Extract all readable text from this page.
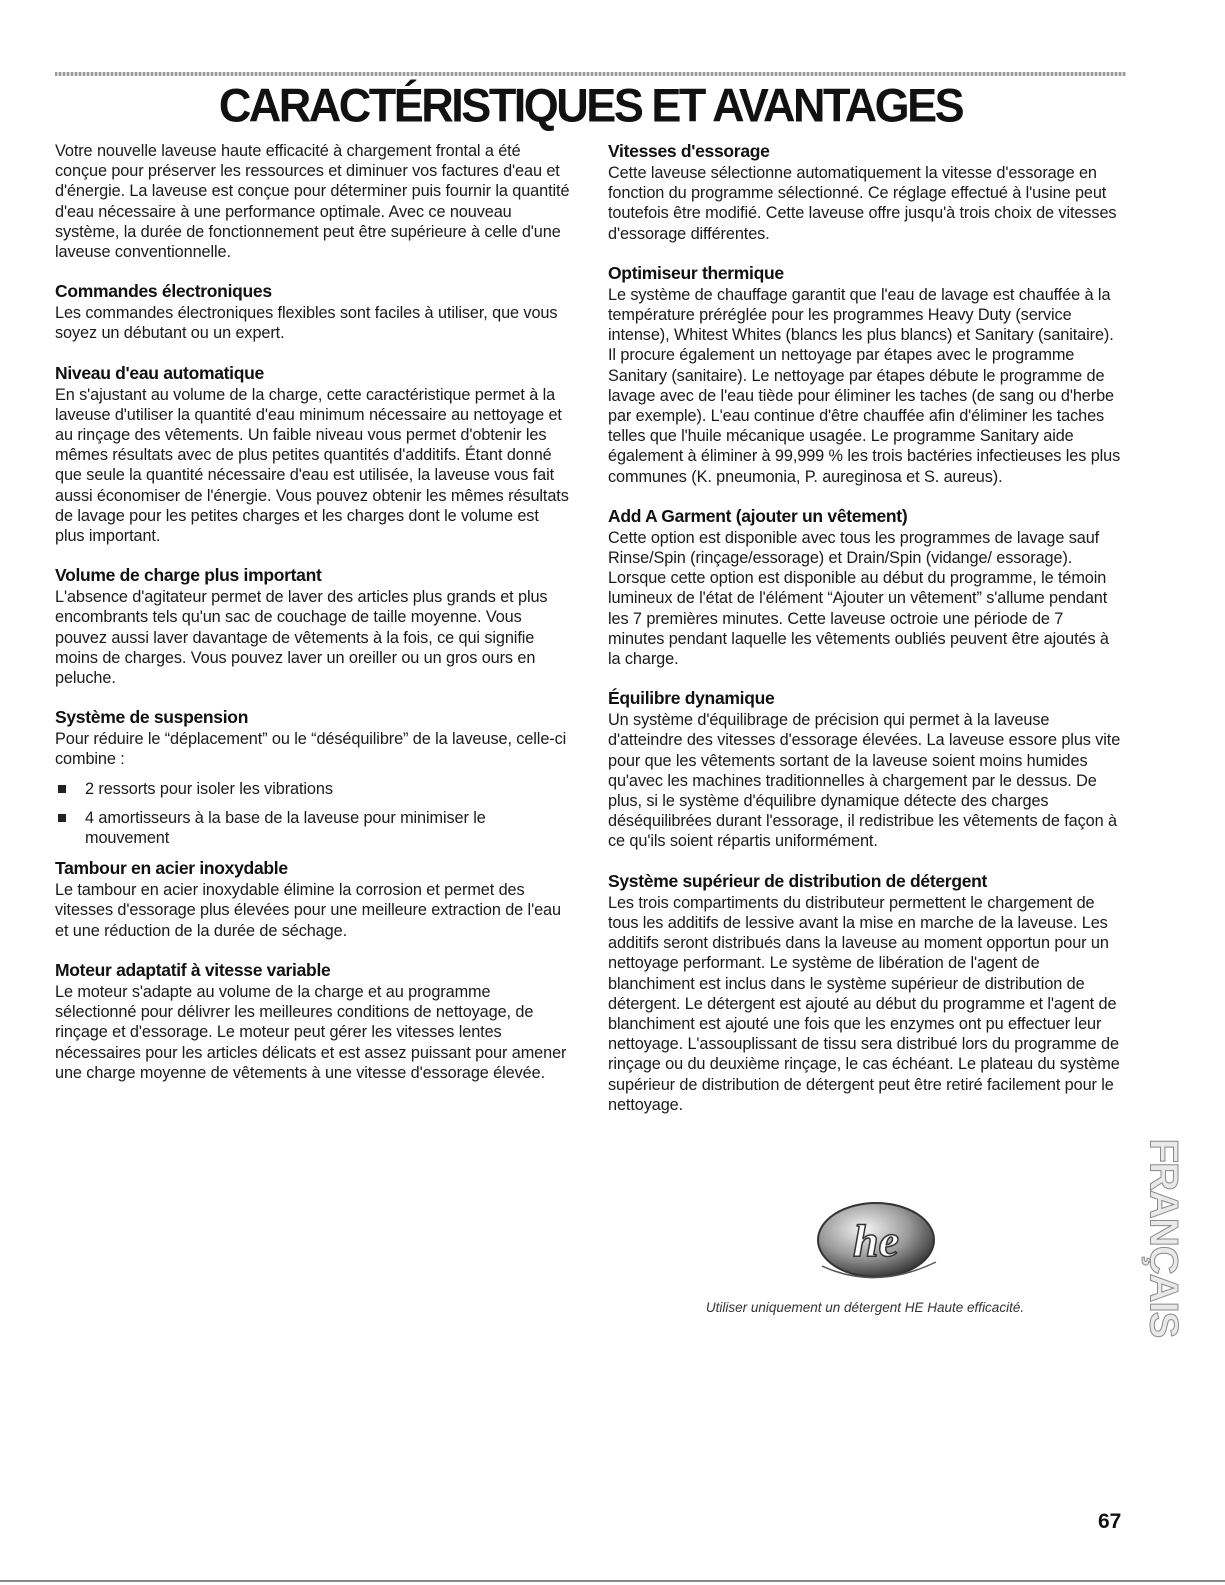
CARACTÉRISTIQUES ET AVANTAGES

Votre nouvelle laveuse haute efficacité à chargement frontal a été conçue pour préserver les ressources et diminuer vos factures d'eau et d'énergie. La laveuse est conçue pour déterminer puis fournir la quantité d'eau nécessaire à une performance optimale. Avec ce nouveau système, la durée de fonctionnement peut être supérieure à celle d'une laveuse conventionnelle.

Commandes électroniques

Les commandes électroniques flexibles sont faciles à utiliser, que vous soyez un débutant ou un expert.

Niveau d'eau automatique

En s'ajustant au volume de la charge, cette caractéristique permet à la laveuse d'utiliser la quantité d'eau minimum nécessaire au nettoyage et au rinçage des vêtements. Un faible niveau vous permet d'obtenir les mêmes résultats avec de plus petites quantités d'additifs. Étant donné que seule la quantité nécessaire d'eau est utilisée, la laveuse vous fait aussi économiser de l'énergie. Vous pouvez obtenir les mêmes résultats de lavage pour les petites charges et les charges dont le volume est plus important.

Volume de charge plus important

L'absence d'agitateur permet de laver des articles plus grands et plus encombrants tels qu'un sac de couchage de taille moyenne. Vous pouvez aussi laver davantage de vêtements à la fois, ce qui signifie moins de charges. Vous pouvez laver un oreiller ou un gros ours en peluche.

Système de suspension

Pour réduire le “déplacement” ou le “déséquilibre” de la laveuse, celle-ci combine :

2 ressorts pour isoler les vibrations
4 amortisseurs à la base de la laveuse pour minimiser le mouvement
Tambour en acier inoxydable

Le tambour en acier inoxydable élimine la corrosion et permet des vitesses d'essorage plus élevées pour une meilleure extraction de l'eau et une réduction de la durée de séchage.

Moteur adaptatif à vitesse variable

Le moteur s'adapte au volume de la charge et au programme sélectionné pour délivrer les meilleures conditions de nettoyage, de rinçage et d'essorage. Le moteur peut gérer les vitesses lentes nécessaires pour les articles délicats et est assez puissant pour amener une charge moyenne de vêtements à une vitesse d'essorage élevée.

Vitesses d'essorage

Cette laveuse sélectionne automatiquement la vitesse d'essorage en fonction du programme sélectionné. Ce réglage effectué à l'usine peut toutefois être modifié. Cette laveuse offre jusqu'à trois choix de vitesses d'essorage différentes.

Optimiseur thermique

Le système de chauffage garantit que l'eau de lavage est chauffée à la température préréglée pour les programmes Heavy Duty (service intense), Whitest Whites (blancs les plus blancs) et Sanitary (sanitaire). Il procure également un nettoyage par étapes avec le programme Sanitary (sanitaire). Le nettoyage par étapes débute le programme de lavage avec de l'eau tiède pour éliminer les taches (de sang ou d'herbe par exemple). L'eau continue d'être chauffée afin d'éliminer les taches telles que l'huile mécanique usagée. Le programme Sanitary aide également à éliminer à 99,999 % les trois bactéries infectieuses les plus communes (K. pneumonia, P. aureginosa et S. aureus).

Add A Garment (ajouter un vêtement)

Cette option est disponible avec tous les programmes de lavage sauf Rinse/Spin (rinçage/essorage) et Drain/Spin (vidange/ essorage). Lorsque cette option est disponible au début du programme, le témoin lumineux de l'état de l'élément “Ajouter un vêtement” s'allume pendant les 7 premières minutes. Cette laveuse octroie une période de 7 minutes pendant laquelle les vêtements oubliés peuvent être ajoutés à la charge.

Équilibre dynamique

Un système d'équilibrage de précision qui permet à la laveuse d'atteindre des vitesses d'essorage élevées. La laveuse essore plus vite pour que les vêtements sortant de la laveuse soient moins humides qu'avec les machines traditionnelles à chargement par le dessus. De plus, si le système d'équilibre dynamique détecte des charges déséquilibrées durant l'essorage, il redistribue les vêtements de façon à ce qu'ils soient répartis uniformément.

Système supérieur de distribution de détergent

Les trois compartiments du distributeur permettent le chargement de tous les additifs de lessive avant la mise en marche de la laveuse. Les additifs seront distribués dans la laveuse au moment opportun pour un nettoyage performant. Le système de libération de l'agent de blanchiment est inclus dans le système supérieur de distribution de détergent. Le détergent est ajouté au début du programme et l'agent de blanchiment est ajouté une fois que les enzymes ont pu effectuer leur nettoyage. L'assouplissant de tissu sera distribué lors du programme de rinçage ou du deuxième rinçage, le cas échéant. Le plateau du système supérieur de distribution de détergent peut être retiré facilement pour le nettoyage.

he
Utiliser uniquement un détergent HE Haute efficacité.	FRANÇAIS
67
